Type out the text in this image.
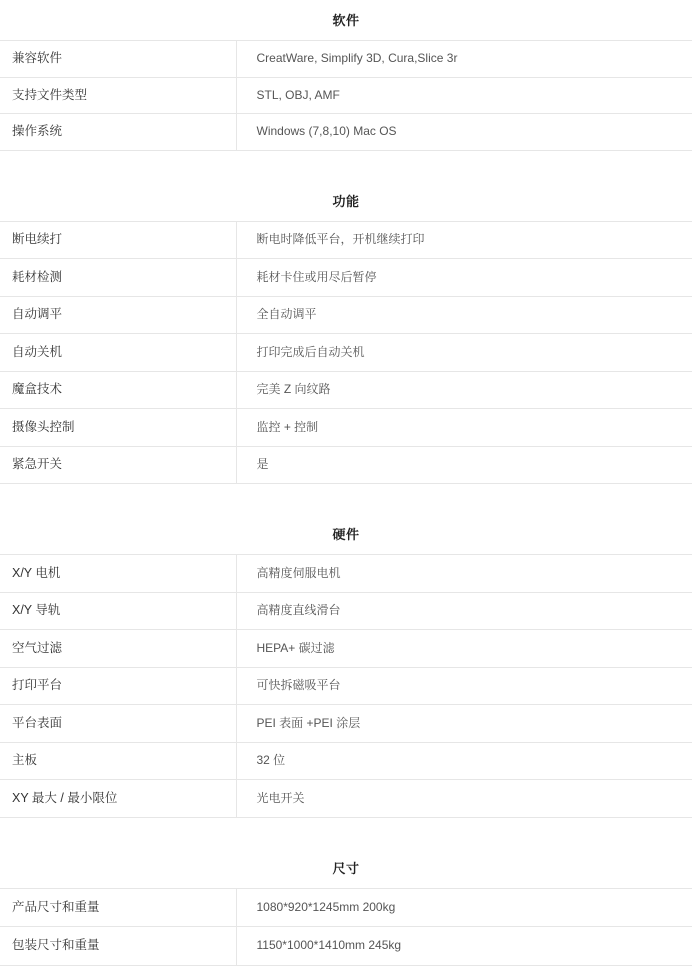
软件
兼容软件	CreatWare, Simplify 3D, Cura,Slice 3r
支持文件类型	STL, OBJ, AMF
操作系统	Windows (7,8,10) Mac OS
功能
断电续打	断电时降低平台，开机继续打印
耗材检测	耗材卡住或用尽后暂停
自动调平	全自动调平
自动关机	打印完成后自动关机
魔盒技术	完美 Z 向纹路
摄像头控制	监控 + 控制
紧急开关	是
硬件
X/Y 电机	高精度伺服电机
X/Y 导轨	高精度直线滑台
空气过滤	HEPA+ 碳过滤
打印平台	可快拆磁吸平台
平台表面	PEI 表面 +PEI 涂层
主板	32 位
XY 最大 / 最小限位	光电开关
尺寸
产品尺寸和重量	1080*920*1245mm 200kg
包装尺寸和重量	1150*1000*1410mm 245kg
